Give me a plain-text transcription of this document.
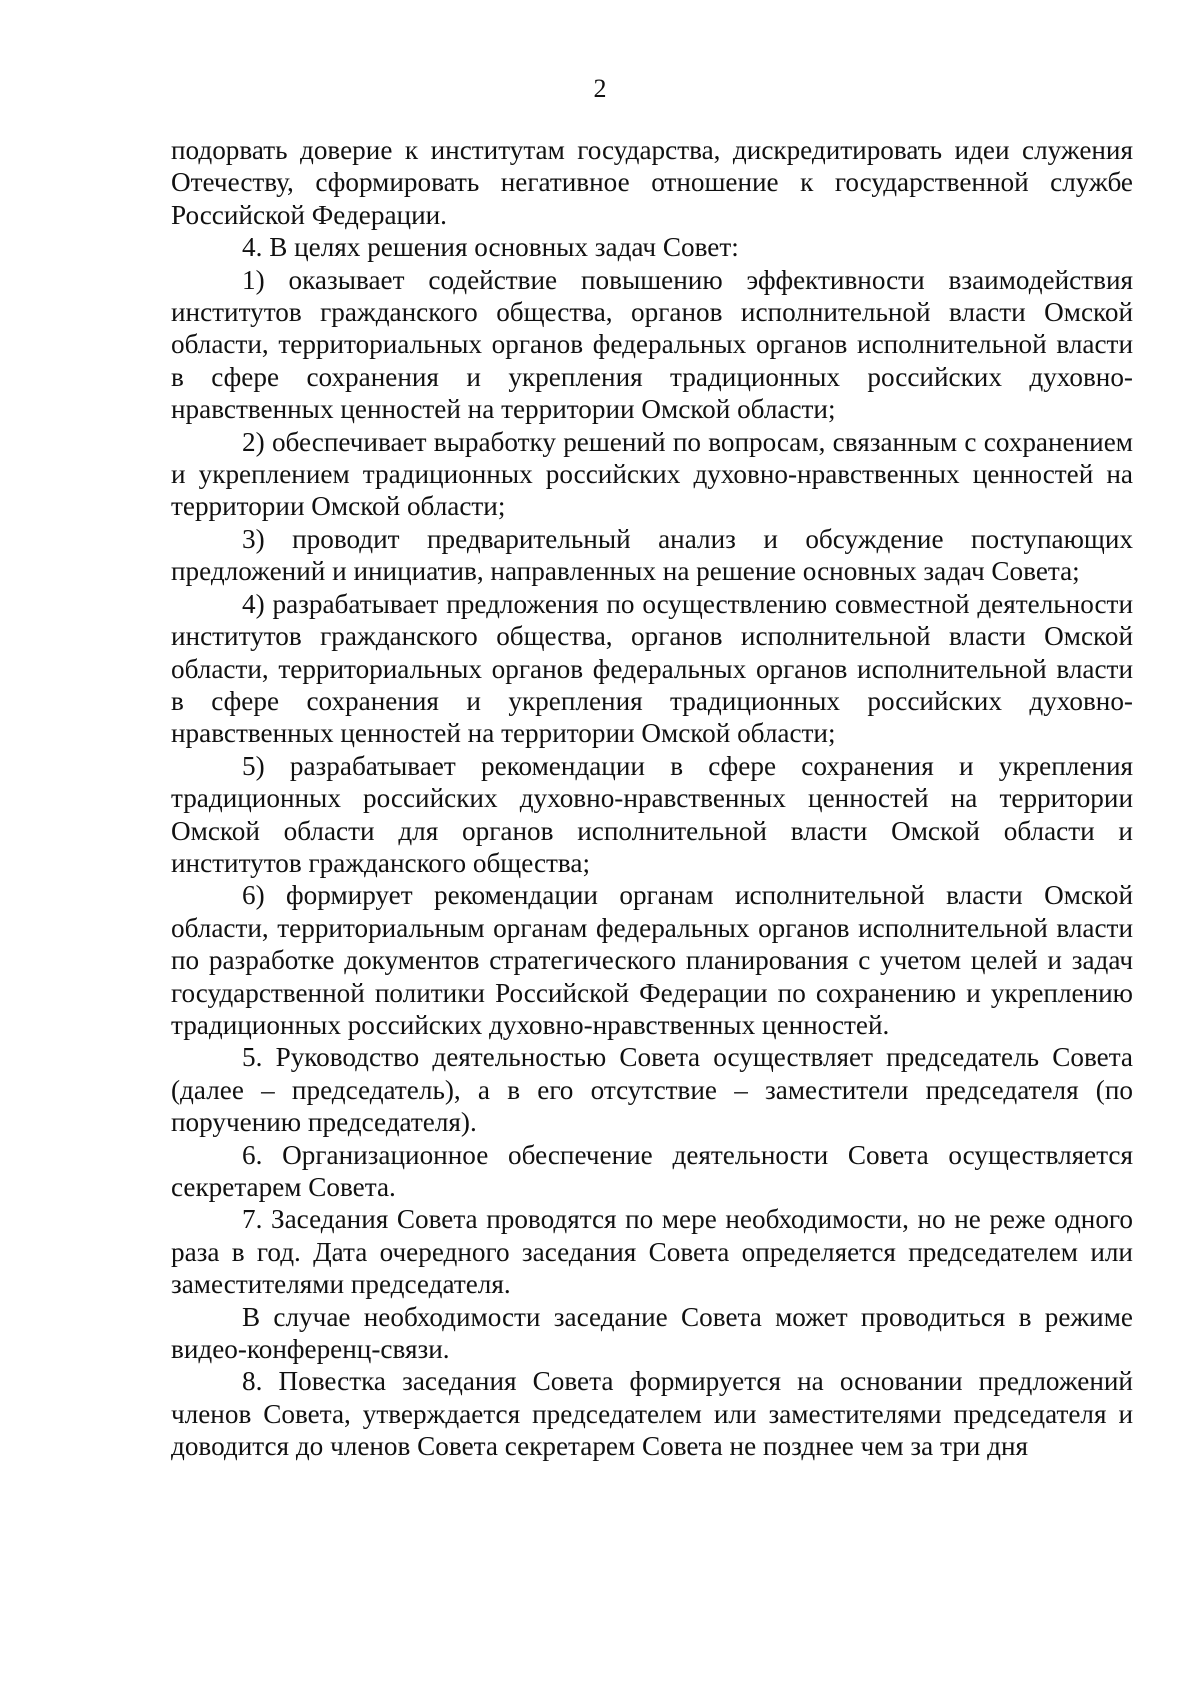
2

подорвать доверие к институтам государства, дискредитировать идеи служения Отечеству, сформировать негативное отношение к государственной службе Российской Федерации.

4. В целях решения основных задач Совет:

1) оказывает содействие повышению эффективности взаимодействия институтов гражданского общества, органов исполнительной власти Омской области, территориальных органов федеральных органов исполнительной власти в сфере сохранения и укрепления традиционных российских духовно-нравственных ценностей на территории Омской области;

2) обеспечивает выработку решений по вопросам, связанным с сохранением и укреплением традиционных российских духовно-нравственных ценностей на территории Омской области;

3) проводит предварительный анализ и обсуждение поступающих предложений и инициатив, направленных на решение основных задач Совета;

4) разрабатывает предложения по осуществлению совместной деятельности институтов гражданского общества, органов исполнительной власти Омской области, территориальных органов федеральных органов исполнительной власти в сфере сохранения и укрепления традиционных российских духовно-нравственных ценностей на территории Омской области;

5) разрабатывает рекомендации в сфере сохранения и укрепления традиционных российских духовно-нравственных ценностей на территории Омской области для органов исполнительной власти Омской области и институтов гражданского общества;

6) формирует рекомендации органам исполнительной власти Омской области, территориальным органам федеральных органов исполнительной власти по разработке документов стратегического планирования с учетом целей и задач государственной политики Российской Федерации по сохранению и укреплению традиционных российских духовно-нравственных ценностей.

5. Руководство деятельностью Совета осуществляет председатель Совета (далее – председатель), а в его отсутствие – заместители председателя (по поручению председателя).

6. Организационное обеспечение деятельности Совета осуществляется секретарем Совета.

7. Заседания Совета проводятся по мере необходимости, но не реже одного раза в год. Дата очередного заседания Совета определяется председателем или заместителями председателя.

В случае необходимости заседание Совета может проводиться в режиме видео-конференц-связи.

8. Повестка заседания Совета формируется на основании предложений членов Совета, утверждается председателем или заместителями председателя и доводится до членов Совета секретарем Совета не позднее чем за три дня
